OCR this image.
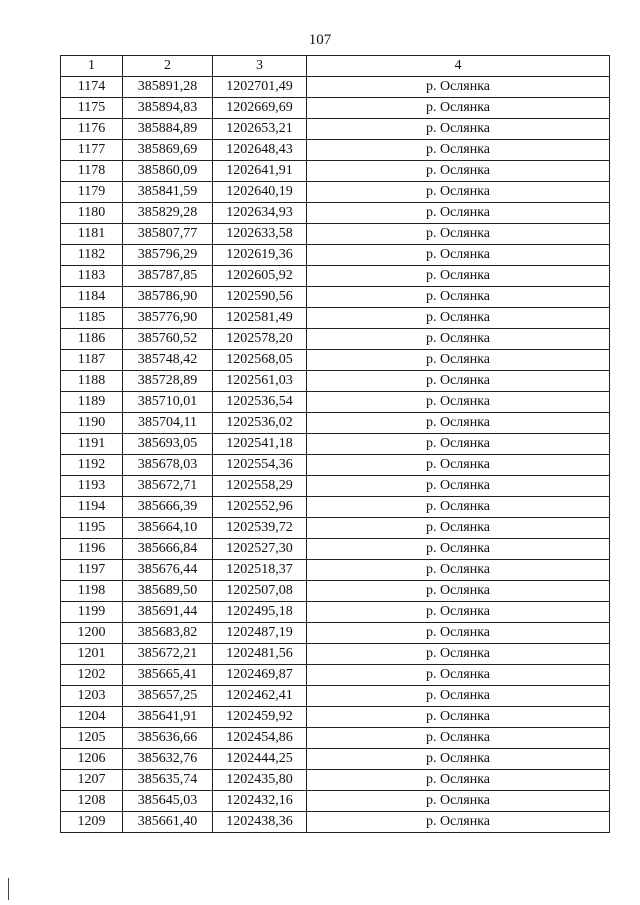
107
1	2	3	4
1174	385891,28	1202701,49	р. Ослянка
1175	385894,83	1202669,69	р. Ослянка
1176	385884,89	1202653,21	р. Ослянка
1177	385869,69	1202648,43	р. Ослянка
1178	385860,09	1202641,91	р. Ослянка
1179	385841,59	1202640,19	р. Ослянка
1180	385829,28	1202634,93	р. Ослянка
1181	385807,77	1202633,58	р. Ослянка
1182	385796,29	1202619,36	р. Ослянка
1183	385787,85	1202605,92	р. Ослянка
1184	385786,90	1202590,56	р. Ослянка
1185	385776,90	1202581,49	р. Ослянка
1186	385760,52	1202578,20	р. Ослянка
1187	385748,42	1202568,05	р. Ослянка
1188	385728,89	1202561,03	р. Ослянка
1189	385710,01	1202536,54	р. Ослянка
1190	385704,11	1202536,02	р. Ослянка
1191	385693,05	1202541,18	р. Ослянка
1192	385678,03	1202554,36	р. Ослянка
1193	385672,71	1202558,29	р. Ослянка
1194	385666,39	1202552,96	р. Ослянка
1195	385664,10	1202539,72	р. Ослянка
1196	385666,84	1202527,30	р. Ослянка
1197	385676,44	1202518,37	р. Ослянка
1198	385689,50	1202507,08	р. Ослянка
1199	385691,44	1202495,18	р. Ослянка
1200	385683,82	1202487,19	р. Ослянка
1201	385672,21	1202481,56	р. Ослянка
1202	385665,41	1202469,87	р. Ослянка
1203	385657,25	1202462,41	р. Ослянка
1204	385641,91	1202459,92	р. Ослянка
1205	385636,66	1202454,86	р. Ослянка
1206	385632,76	1202444,25	р. Ослянка
1207	385635,74	1202435,80	р. Ослянка
1208	385645,03	1202432,16	р. Ослянка
1209	385661,40	1202438,36	р. Ослянка
